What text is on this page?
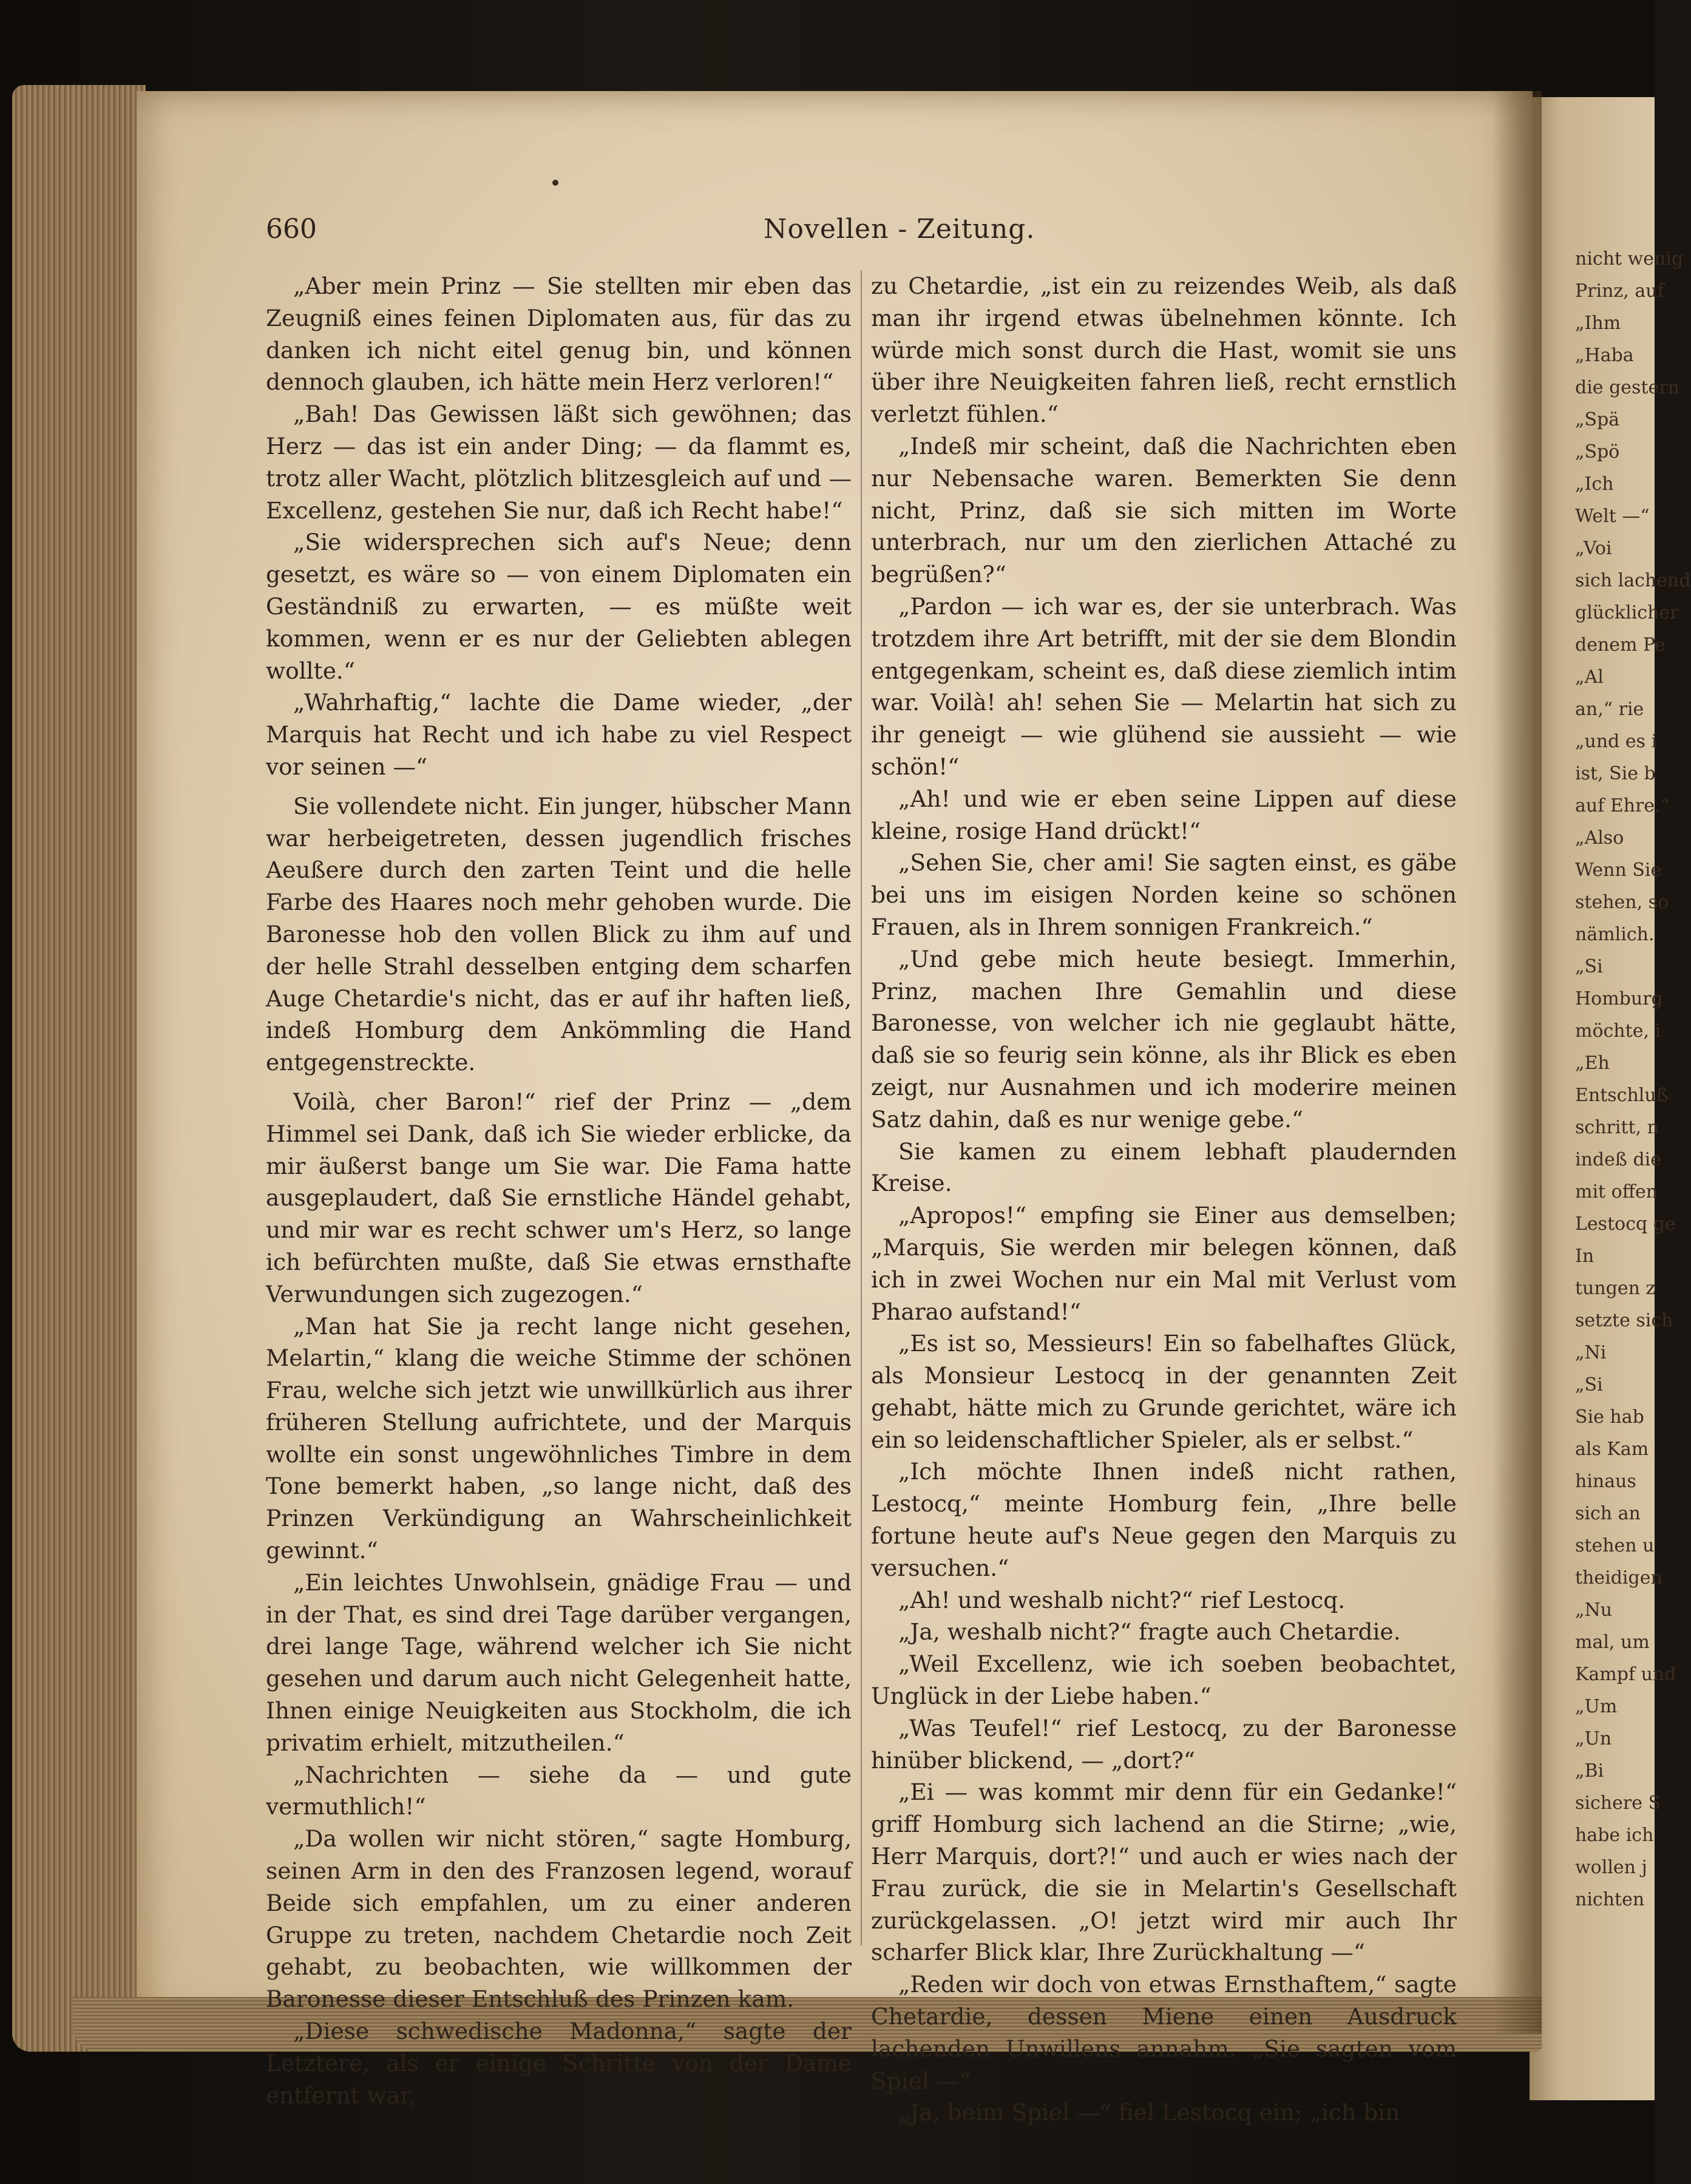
660	Novellen - Zeitung.

„Aber mein Prinz — Sie stellten mir eben das Zeugniß eines feinen Diplomaten aus, für das zu danken ich nicht eitel genug bin, und können dennoch glauben, ich hätte mein Herz verloren!“

„Bah! Das Gewissen läßt sich gewöhnen; das Herz — das ist ein ander Ding; — da flammt es, trotz aller Wacht, plötzlich blitzesgleich auf und — Excellenz, gestehen Sie nur, daß ich Recht habe!“

„Sie widersprechen sich auf's Neue; denn gesetzt, es wäre so — von einem Diplomaten ein Geständniß zu erwarten, — es müßte weit kommen, wenn er es nur der Geliebten ablegen wollte.“

„Wahrhaftig,“ lachte die Dame wieder, „der Marquis hat Recht und ich habe zu viel Respect vor seinen —“

Sie vollendete nicht. Ein junger, hübscher Mann war herbeigetreten, dessen jugendlich frisches Aeußere durch den zarten Teint und die helle Farbe des Haares noch mehr gehoben wurde. Die Baronesse hob den vollen Blick zu ihm auf und der helle Strahl desselben entging dem scharfen Auge Chetardie's nicht, das er auf ihr haften ließ, indeß Homburg dem Ankömmling die Hand entgegenstreckte.

Voilà, cher Baron!“ rief der Prinz — „dem Himmel sei Dank, daß ich Sie wieder erblicke, da mir äußerst bange um Sie war. Die Fama hatte ausgeplaudert, daß Sie ernstliche Händel gehabt, und mir war es recht schwer um's Herz, so lange ich befürchten mußte, daß Sie etwas ernsthafte Verwundungen sich zugezogen.“

„Man hat Sie ja recht lange nicht gesehen, Melartin,“ klang die weiche Stimme der schönen Frau, welche sich jetzt wie unwillkürlich aus ihrer früheren Stellung aufrichtete, und der Marquis wollte ein sonst ungewöhnliches Timbre in dem Tone bemerkt haben, „so lange nicht, daß des Prinzen Verkündigung an Wahrscheinlichkeit gewinnt.“

„Ein leichtes Unwohlsein, gnädige Frau — und in der That, es sind drei Tage darüber vergangen, drei lange Tage, während welcher ich Sie nicht gesehen und darum auch nicht Gelegenheit hatte, Ihnen einige Neuigkeiten aus Stockholm, die ich privatim erhielt, mitzutheilen.“

„Nachrichten — siehe da — und gute vermuthlich!“

„Da wollen wir nicht stören,“ sagte Homburg, seinen Arm in den des Franzosen legend, worauf Beide sich empfahlen, um zu einer anderen Gruppe zu treten, nachdem Chetardie noch Zeit gehabt, zu beobachten, wie willkommen der Baronesse dieser Entschluß des Prinzen kam.

„Diese schwedische Madonna,“ sagte der Letztere, als er einige Schritte von der Dame entfernt war,

zu Chetardie, „ist ein zu reizendes Weib, als daß man ihr irgend etwas übelnehmen könnte. Ich würde mich sonst durch die Hast, womit sie uns über ihre Neuigkeiten fahren ließ, recht ernstlich verletzt fühlen.“

„Indeß mir scheint, daß die Nachrichten eben nur Nebensache waren. Bemerkten Sie denn nicht, Prinz, daß sie sich mitten im Worte unterbrach, nur um den zierlichen Attaché zu begrüßen?“

„Pardon — ich war es, der sie unterbrach. Was trotzdem ihre Art betrifft, mit der sie dem Blondin entgegenkam, scheint es, daß diese ziemlich intim war. Voilà! ah! sehen Sie — Melartin hat sich zu ihr geneigt — wie glühend sie aussieht — wie schön!“

„Ah! und wie er eben seine Lippen auf diese kleine, rosige Hand drückt!“

„Sehen Sie, cher ami! Sie sagten einst, es gäbe bei uns im eisigen Norden keine so schönen Frauen, als in Ihrem sonnigen Frankreich.“

„Und gebe mich heute besiegt. Immerhin, Prinz, machen Ihre Gemahlin und diese Baronesse, von welcher ich nie geglaubt hätte, daß sie so feurig sein könne, als ihr Blick es eben zeigt, nur Ausnahmen und ich moderire meinen Satz dahin, daß es nur wenige gebe.“

Sie kamen zu einem lebhaft plaudernden Kreise.

„Apropos!“ empfing sie Einer aus demselben; „Marquis, Sie werden mir belegen können, daß ich in zwei Wochen nur ein Mal mit Verlust vom Pharao aufstand!“

„Es ist so, Messieurs! Ein so fabelhaftes Glück, als Monsieur Lestocq in der genannten Zeit gehabt, hätte mich zu Grunde gerichtet, wäre ich ein so leidenschaftlicher Spieler, als er selbst.“

„Ich möchte Ihnen indeß nicht rathen, Lestocq,“ meinte Homburg fein, „Ihre belle fortune heute auf's Neue gegen den Marquis zu versuchen.“

„Ah! und weshalb nicht?“ rief Lestocq.

„Ja, weshalb nicht?“ fragte auch Chetardie.

„Weil Excellenz, wie ich soeben beobachtet, Unglück in der Liebe haben.“

„Was Teufel!“ rief Lestocq, zu der Baronesse hinüber blickend, — „dort?“

„Ei — was kommt mir denn für ein Gedanke!“ griff Homburg sich lachend an die Stirne; „wie, Herr Marquis, dort?!“ und auch er wies nach der Frau zurück, die sie in Melartin's Gesellschaft zurückgelassen. „O! jetzt wird mir auch Ihr scharfer Blick klar, Ihre Zurückhaltung —“

„Reden wir doch von etwas Ernsthaftem,“ sagte Chetardie, dessen Miene einen Ausdruck lachenden Unwillens annahm. „Sie sagten vom Spiel —“

„Ja, beim Spiel —“ fiel Lestocq ein; „ich bin

nicht wenig
Prinz, auf
„Ihm
„Haba
die gestern
„Spä
„Spö
„Ich
Welt —“
„Voi
sich lachend
glücklicher
denem Pe
„Al
an,“ rie
„und es i
ist, Sie b
auf Ehre.“
„Also
Wenn Sie
stehen, so
nämlich.
„Si
Homburg
möchte, i
„Eh
Entschluß
schritt, n
indeß die
mit offen
Lestocq ge
In
tungen z
setzte sich
„Ni
„Si
Sie hab
als Kam
hinaus
sich an
stehen u
theidigen
„Nu
mal, um
Kampf und
„Um
„Un
„Bi
sichere S
habe ich
wollen j
nichten
